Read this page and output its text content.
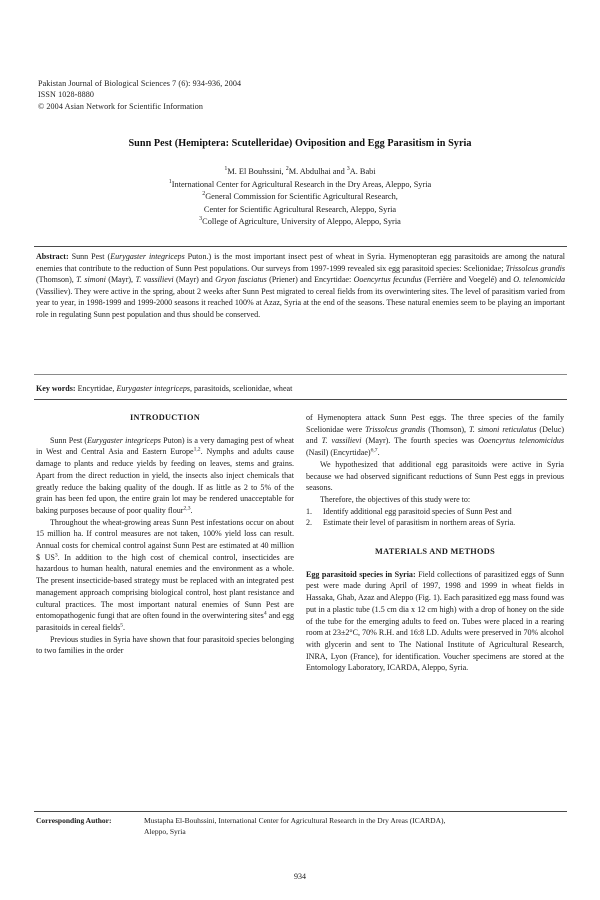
Pakistan Journal of Biological Sciences 7 (6): 934-936, 2004
ISSN 1028-8880
© 2004 Asian Network for Scientific Information
Sunn Pest (Hemiptera: Scutelleridae) Oviposition and Egg Parasitism in Syria
$^1$M. El Bouhssini, $^2$M. Abdulhai and $^3$A. Babi
$^1$International Center for Agricultural Research in the Dry Areas, Aleppo, Syria
$^2$General Commission for Scientific Agricultural Research,
Center for Scientific Agricultural Research, Aleppo, Syria
$^3$College of Agriculture, University of Aleppo, Aleppo, Syria
Abstract: Sunn Pest (Eurygaster integriceps Puton.) is the most important insect pest of wheat in Syria. Hymenopteran egg parasitoids are among the natural enemies that contribute to the reduction of Sunn Pest populations. Our surveys from 1997-1999 revealed six egg parasitoid species: Scelionidae; Trissolcus grandis (Thomson), T. simoni (Mayr), T. vassilievi (Mayr) and Gryon fasciatus (Priener) and Encyrtidae: Ooencyrtus fecundus (Ferrière and Voegelé) and O. telenomicida (Vassiliev). They were active in the spring, about 2 weeks after Sunn Pest migrated to cereal fields from its overwintering sites. The level of parasitism varied from year to year, in 1998-1999 and 1999-2000 seasons it reached 100% at Azaz, Syria at the end of the seasons. These natural enemies seem to be playing an important role in regulating Sunn pest population and thus should be conserved.
Key words: Encyrtidae, Eurygaster integriceps, parasitoids, scelionidae, wheat
INTRODUCTION

Sunn Pest (Eurygaster integriceps Puton) is a very damaging pest of wheat in West and Central Asia and Eastern Europe$^{1,2}$. Nymphs and adults cause damage to plants and reduce yields by feeding on leaves, stems and grains. Apart from the direct reduction in yield, the insects also inject chemicals that greatly reduce the baking quality of the dough. If as little as 2 to 5% of the grain has been fed upon, the entire grain lot may be rendered unacceptable for baking purposes because of poor quality flour$^{2,3}$.

Throughout the wheat-growing areas Sunn Pest infestations occur on about 15 million ha. If control measures are not taken, 100% yield loss can result. Annual costs for chemical control against Sunn Pest are estimated at 40 million $ US$^3$. In addition to the high cost of chemical control, insecticides are hazardous to human health, natural enemies and the environment as a whole. The present insecticide-based strategy must be replaced with an integrated pest management approach comprising biological control, host plant resistance and cultural practices. The most important natural enemies of Sunn Pest are entomopathogenic fungi that are often found in the overwintering sites$^4$ and egg parasitoids in cereal fields$^5$.

Previous studies in Syria have shown that four parasitoid species belonging to two families in the order

of Hymenoptera attack Sunn Pest eggs. The three species of the family Scelionidae were Trissolcus grandis (Thomson), T. simoni reticulatus (Deluc) and T. vassilievi (Mayr). The fourth species was Ooencyrtus telenomicidus (Nasil) (Encyrtidae)$^{6,7}$.

We hypothesized that additional egg parasitoids were active in Syria because we had observed significant reductions of Sunn Pest eggs in previous seasons.

Therefore, the objectives of this study were to:

1.	Identify additional egg parasitoid species of Sunn Pest and
2.	Estimate their level of parasitism in northern areas of Syria.
MATERIALS AND METHODS

Egg parasitoid species in Syria: Field collections of parasitized eggs of Sunn pest were made during April of 1997, 1998 and 1999 in wheat fields in Hassaka, Ghab, Azaz and Aleppo (Fig. 1). Each parasitized egg mass found was put in a plastic tube (1.5 cm dia x 12 cm high) with a drop of honey on the side of the tube for the emerging adults to feed on. Tubes were placed in a rearing room at 23±2°C, 70% R.H. and 16:8 LD. Adults were preserved in 70% alcohol with glycerin and sent to The National Institute of Agricultural Research, INRA, Lyon (France), for identification. Voucher specimens are stored at the Entomology Laboratory, ICARDA, Aleppo, Syria.

Corresponding Author:	Mustapha El-Bouhssini, International Center for Agricultural Research in the Dry Areas (ICARDA),
Aleppo, Syria
934
